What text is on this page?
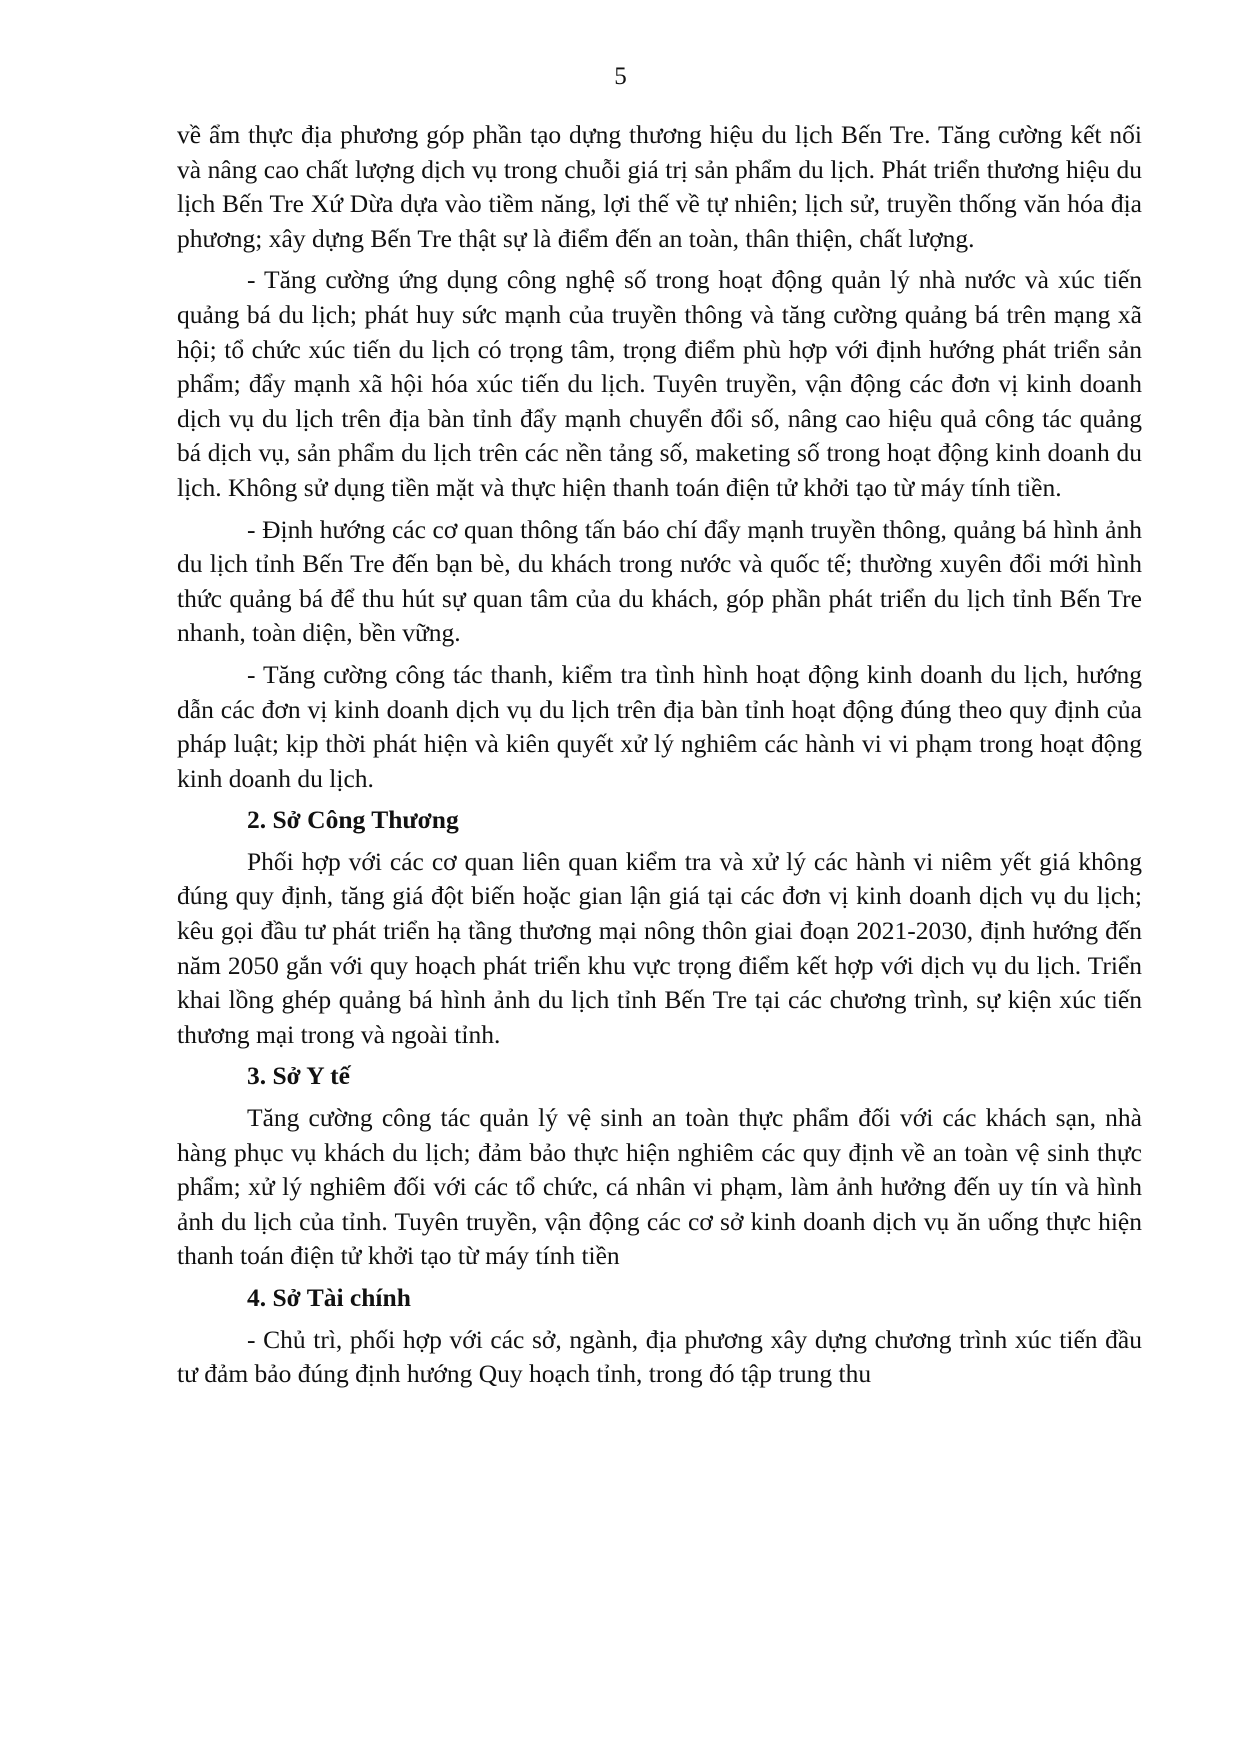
5

về ẩm thực địa phương góp phần tạo dựng thương hiệu du lịch Bến Tre. Tăng cường kết nối và nâng cao chất lượng dịch vụ trong chuỗi giá trị sản phẩm du lịch. Phát triển thương hiệu du lịch Bến Tre Xứ Dừa dựa vào tiềm năng, lợi thế về tự nhiên; lịch sử, truyền thống văn hóa địa phương; xây dựng Bến Tre thật sự là điểm đến an toàn, thân thiện, chất lượng.

- Tăng cường ứng dụng công nghệ số trong hoạt động quản lý nhà nước và xúc tiến quảng bá du lịch; phát huy sức mạnh của truyền thông và tăng cường quảng bá trên mạng xã hội; tổ chức xúc tiến du lịch có trọng tâm, trọng điểm phù hợp với định hướng phát triển sản phẩm; đẩy mạnh xã hội hóa xúc tiến du lịch. Tuyên truyền, vận động các đơn vị kinh doanh dịch vụ du lịch trên địa bàn tỉnh đẩy mạnh chuyển đổi số, nâng cao hiệu quả công tác quảng bá dịch vụ, sản phẩm du lịch trên các nền tảng số, maketing số trong hoạt động kinh doanh du lịch. Không sử dụng tiền mặt và thực hiện thanh toán điện tử khởi tạo từ máy tính tiền.

- Định hướng các cơ quan thông tấn báo chí đẩy mạnh truyền thông, quảng bá hình ảnh du lịch tỉnh Bến Tre đến bạn bè, du khách trong nước và quốc tế; thường xuyên đổi mới hình thức quảng bá để thu hút sự quan tâm của du khách, góp phần phát triển du lịch tỉnh Bến Tre nhanh, toàn diện, bền vững.

- Tăng cường công tác thanh, kiểm tra tình hình hoạt động kinh doanh du lịch, hướng dẫn các đơn vị kinh doanh dịch vụ du lịch trên địa bàn tỉnh hoạt động đúng theo quy định của pháp luật; kịp thời phát hiện và kiên quyết xử lý nghiêm các hành vi vi phạm trong hoạt động kinh doanh du lịch.

2. Sở Công Thương

Phối hợp với các cơ quan liên quan kiểm tra và xử lý các hành vi niêm yết giá không đúng quy định, tăng giá đột biến hoặc gian lận giá tại các đơn vị kinh doanh dịch vụ du lịch; kêu gọi đầu tư phát triển hạ tầng thương mại nông thôn giai đoạn 2021-2030, định hướng đến năm 2050 gắn với quy hoạch phát triển khu vực trọng điểm kết hợp với dịch vụ du lịch. Triển khai lồng ghép quảng bá hình ảnh du lịch tỉnh Bến Tre tại các chương trình, sự kiện xúc tiến thương mại trong và ngoài tỉnh.

3. Sở Y tế

Tăng cường công tác quản lý vệ sinh an toàn thực phẩm đối với các khách sạn, nhà hàng phục vụ khách du lịch; đảm bảo thực hiện nghiêm các quy định về an toàn vệ sinh thực phẩm; xử lý nghiêm đối với các tổ chức, cá nhân vi phạm, làm ảnh hưởng đến uy tín và hình ảnh du lịch của tỉnh. Tuyên truyền, vận động các cơ sở kinh doanh dịch vụ ăn uống thực hiện thanh toán điện tử khởi tạo từ máy tính tiền

4. Sở Tài chính

- Chủ trì, phối hợp với các sở, ngành, địa phương xây dựng chương trình xúc tiến đầu tư đảm bảo đúng định hướng Quy hoạch tỉnh, trong đó tập trung thu
